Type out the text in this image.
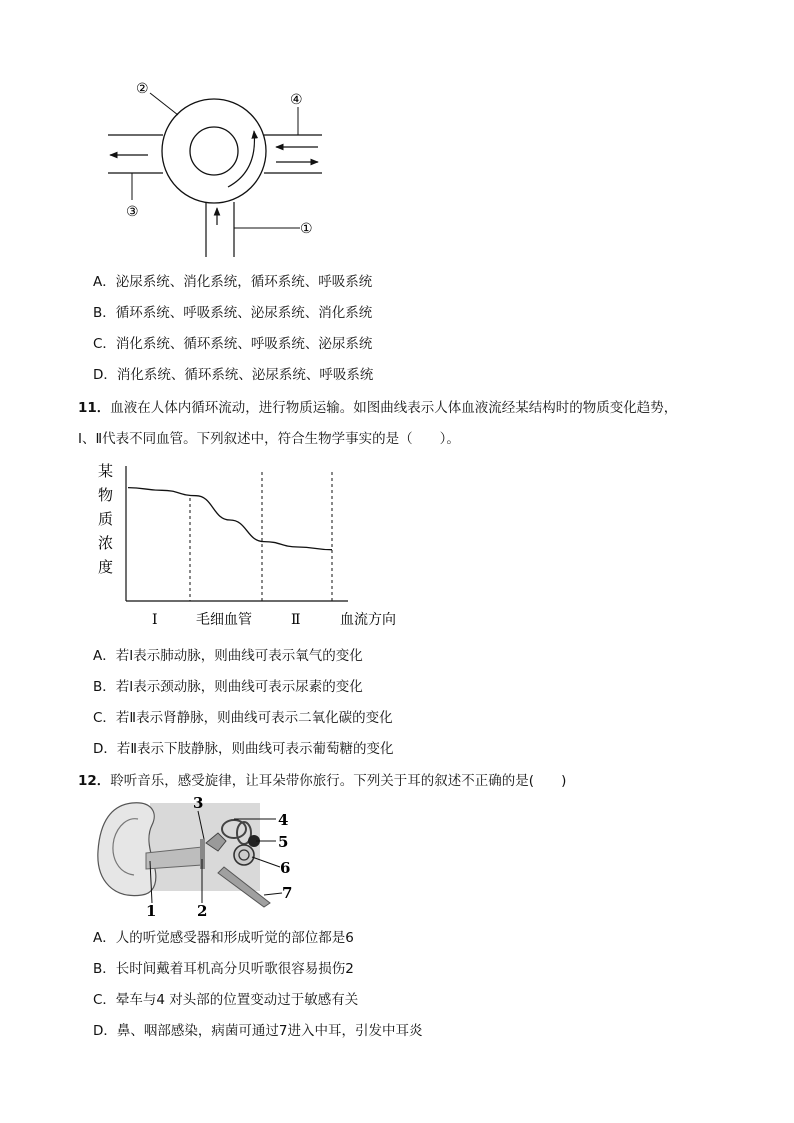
②
④
③
①
A．泌尿系统、消化系统，循环系统、呼吸系统
B．循环系统、呼吸系统、泌尿系统、消化系统
C．消化系统、循环系统、呼吸系统、泌尿系统
D．消化系统、循环系统、泌尿系统、呼吸系统
11．血液在人体内循环流动，进行物质运输。如图曲线表示人体血液流经某结构时的物质变化趋势，
Ⅰ、Ⅱ代表不同血管。下列叙述中，符合生物学事实的是（　　）。
某
物
质
浓
度
Ⅰ	毛细血管	Ⅱ	血流方向
A．若Ⅰ表示肺动脉，则曲线可表示氧气的变化
B．若Ⅰ表示颈动脉，则曲线可表示尿素的变化
C．若Ⅱ表示肾静脉，则曲线可表示二氧化碳的变化
D．若Ⅱ表示下肢静脉，则曲线可表示葡萄糖的变化
12．聆听音乐，感受旋律，让耳朵带你旅行。下列关于耳的叙述不正确的是(　　)
3
4
5
6
7
1	2
A．人的听觉感受器和形成听觉的部位都是6
B．长时间戴着耳机高分贝听歌很容易损伤2
C．晕车与4 对头部的位置变动过于敏感有关
D．鼻、咽部感染，病菌可通过7进入中耳，引发中耳炎
